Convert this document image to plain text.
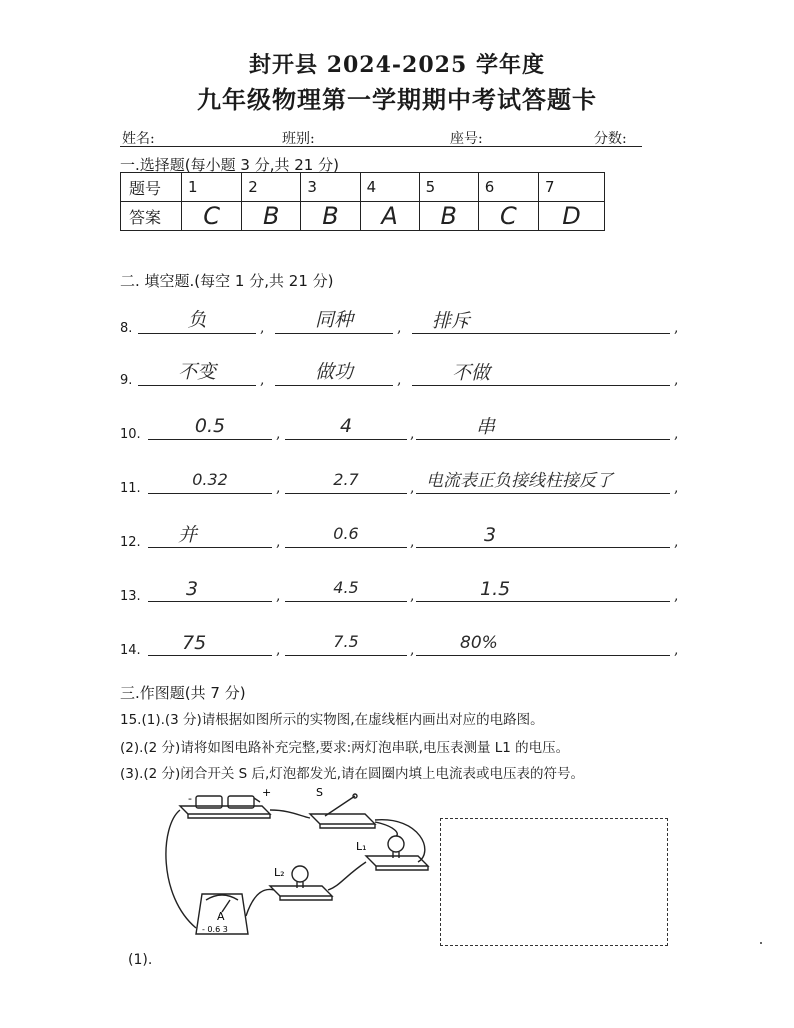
封开县 2024-2025 学年度
九年级物理第一学期期中考试答题卡
姓名:	班别:	座号:	分数:
一.选择题(每小题 3 分,共 21 分)
题号	1	2	3	4	5	6	7
答案	C	B	B	A	B	C	D
二. 填空题.(每空 1 分,共 21 分)
8.	负	,	同种	,	排斥	,
9.	不变	,	做功	,	不做	,
10.	0.5	,	4	,	串	,
11.	0.32	,	2.7	, 电流表正负接线柱接反了	,
12.	并	,	0.6	,	3	,
13.	3	,	4.5	,	1.5	,
14.	75	,	7.5	,	80%	,
三.作图题(共 7 分)
15.(1).(3 分)请根据如图所示的实物图,在虚线框内画出对应的电路图。
(2).(2 分)请将如图电路补充完整,要求:两灯泡串联,电压表测量 L1 的电压。
(3).(2 分)闭合开关 S 后,灯泡都发光,请在圆圈内填上电流表或电压表的符号。
-	+	S
L₁
L₂
A
- 0.6 3
(1).
